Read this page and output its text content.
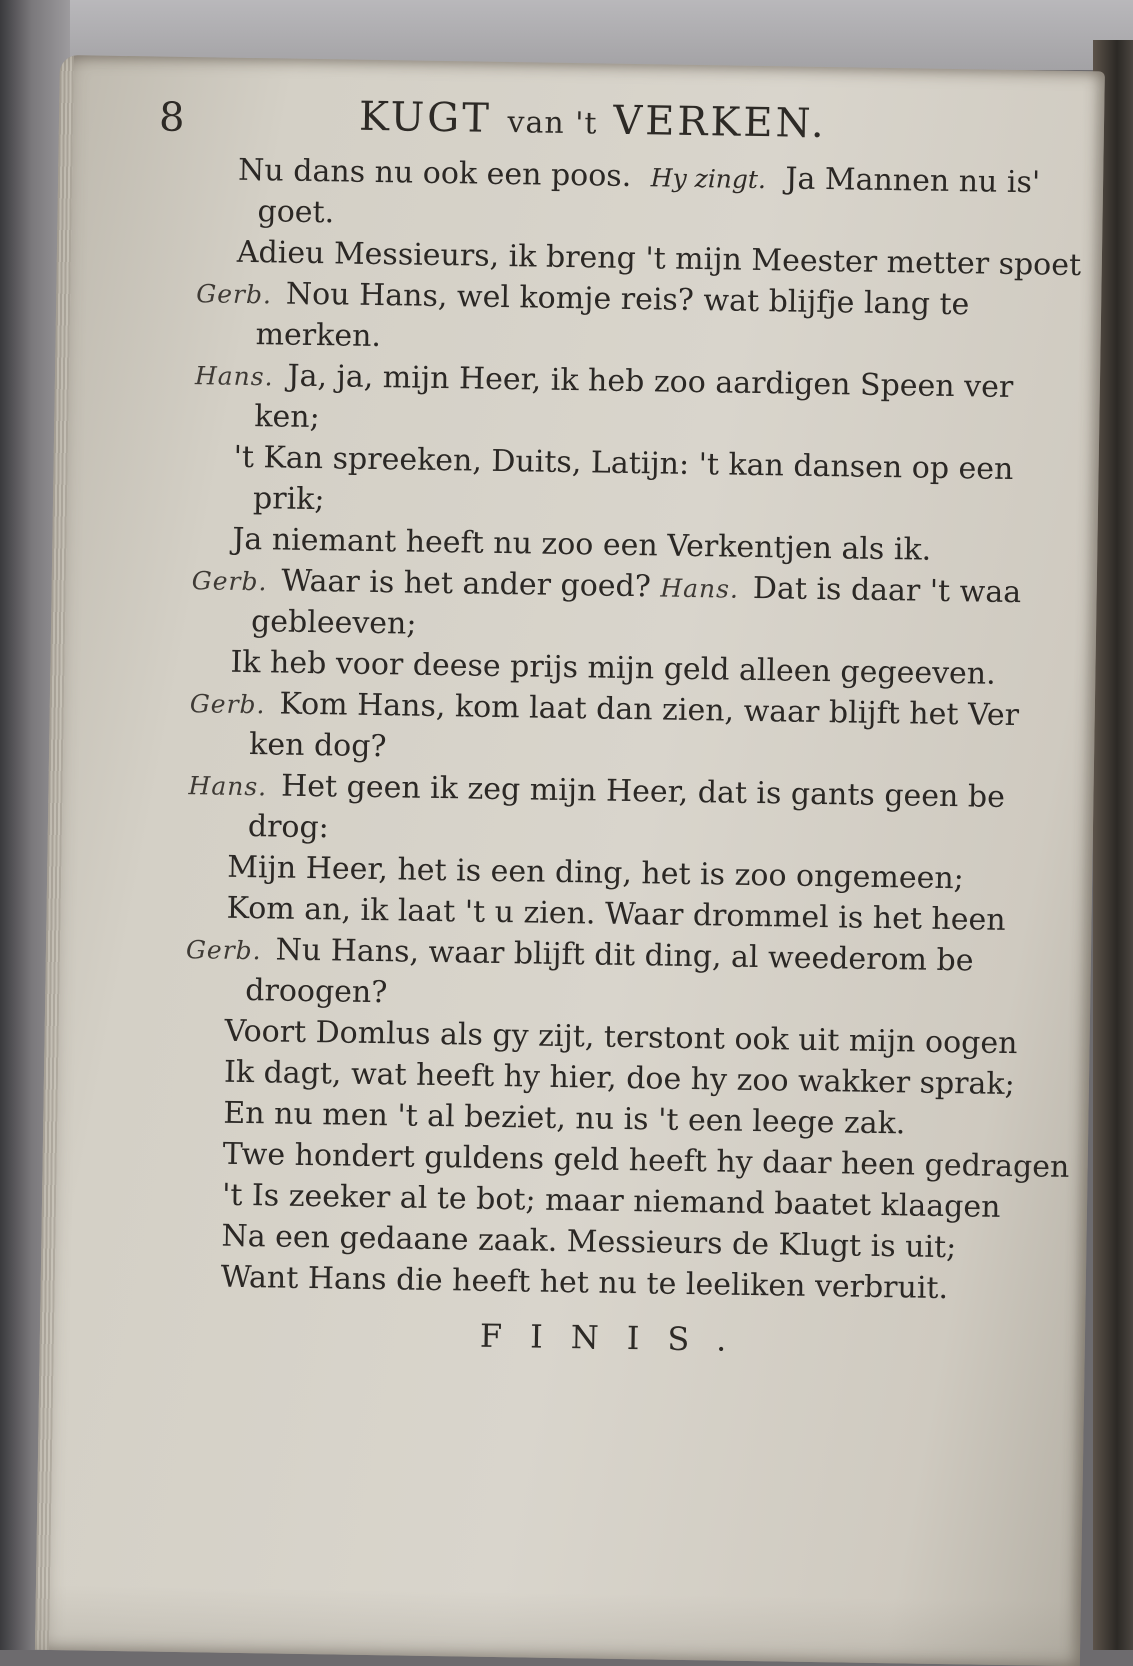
8	KUGT van 't VERKEN.
Nu dans nu ook een poos. Hy zingt. Ja Mannen nu is'
goet.
Adieu Messieurs, ik breng 't mijn Meester metter spoet
Gerb. Nou Hans, wel komje reis? wat blijfje lang te
merken.
Hans. Ja, ja, mijn Heer, ik heb zoo aardigen Speen ver
ken;
't Kan spreeken, Duits, Latijn: 't kan dansen op een
prik;
Ja niemant heeft nu zoo een Verkentjen als ik.
Gerb. Waar is het ander goed? Hans. Dat is daar 't waa
gebleeven;
Ik heb voor deese prijs mijn geld alleen gegeeven.
Gerb. Kom Hans, kom laat dan zien, waar blijft het Ver
ken dog?
Hans. Het geen ik zeg mijn Heer, dat is gants geen be
drog:
Mijn Heer, het is een ding, het is zoo ongemeen;
Kom an, ik laat 't u zien. Waar drommel is het heen
Gerb. Nu Hans, waar blijft dit ding, al weederom be
droogen?
Voort Domlus als gy zijt, terstont ook uit mijn oogen
Ik dagt, wat heeft hy hier, doe hy zoo wakker sprak;
En nu men 't al beziet, nu is 't een leege zak.
Twe hondert guldens geld heeft hy daar heen gedragen
't Is zeeker al te bot; maar niemand baatet klaagen
Na een gedaane zaak. Messieurs de Klugt is uit;
Want Hans die heeft het nu te leeliken verbruit.
FINIS.
